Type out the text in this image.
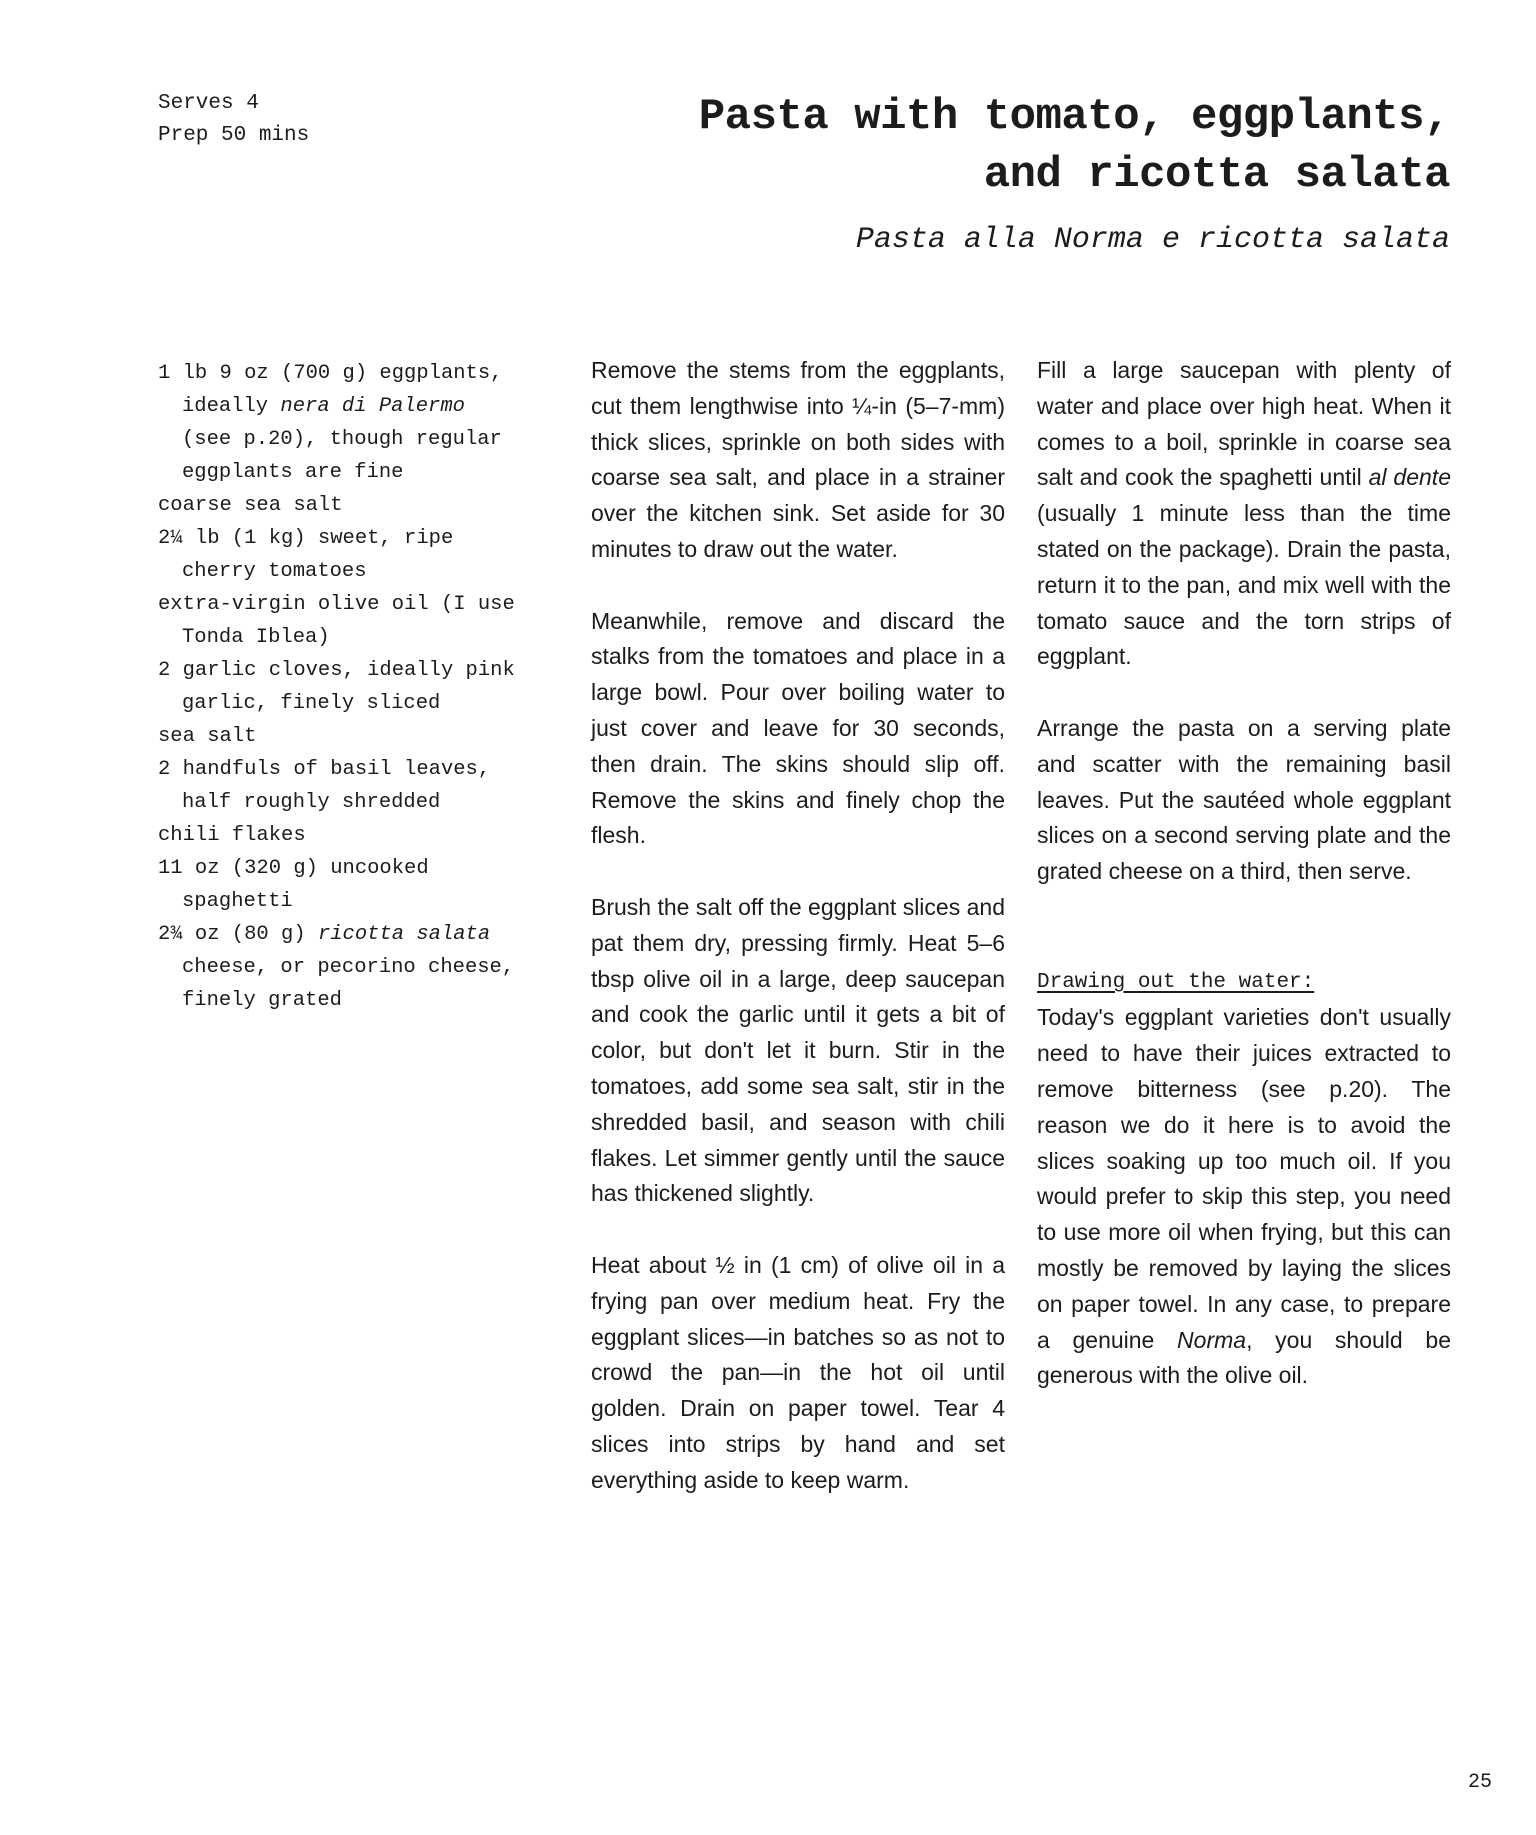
Serves 4
Prep 50 mins	Pasta with tomato, eggplants,
and ricotta salata
Pasta alla Norma e ricotta salata
1 lb 9 oz (700 g) eggplants, ideally nera di Palermo (see p.20), though regular eggplants are fine
coarse sea salt
2¼ lb (1 kg) sweet, ripe cherry tomatoes
extra-virgin olive oil (I use Tonda Iblea)
2 garlic cloves, ideally pink garlic, finely sliced
sea salt
2 handfuls of basil leaves, half roughly shredded
chili flakes
11 oz (320 g) uncooked spaghetti
2¾ oz (80 g) ricotta salata cheese, or pecorino cheese, finely grated

Remove the stems from the eggplants, cut them lengthwise into ¼-in (5–7-mm) thick slices, sprinkle on both sides with coarse sea salt, and place in a strainer over the kitchen sink. Set aside for 30 minutes to draw out the water.

Meanwhile, remove and discard the stalks from the tomatoes and place in a large bowl. Pour over boiling water to just cover and leave for 30 seconds, then drain. The skins should slip off. Remove the skins and finely chop the flesh.

Brush the salt off the eggplant slices and pat them dry, pressing firmly. Heat 5–6 tbsp olive oil in a large, deep saucepan and cook the garlic until it gets a bit of color, but don't let it burn. Stir in the tomatoes, add some sea salt, stir in the shredded basil, and season with chili flakes. Let simmer gently until the sauce has thickened slightly.

Heat about ½ in (1 cm) of olive oil in a frying pan over medium heat. Fry the eggplant slices—in batches so as not to crowd the pan—in the hot oil until golden. Drain on paper towel. Tear 4 slices into strips by hand and set everything aside to keep warm.

Fill a large saucepan with plenty of water and place over high heat. When it comes to a boil, sprinkle in coarse sea salt and cook the spaghetti until al dente (usually 1 minute less than the time stated on the package). Drain the pasta, return it to the pan, and mix well with the tomato sauce and the torn strips of eggplant.

Arrange the pasta on a serving plate and scatter with the remaining basil leaves. Put the sautéed whole eggplant slices on a second serving plate and the grated cheese on a third, then serve.

Drawing out the water:

Today's eggplant varieties don't usually need to have their juices extracted to remove bitterness (see p.20). The reason we do it here is to avoid the slices soaking up too much oil. If you would prefer to skip this step, you need to use more oil when frying, but this can mostly be removed by laying the slices on paper towel. In any case, to prepare a genuine Norma, you should be generous with the olive oil.

25
